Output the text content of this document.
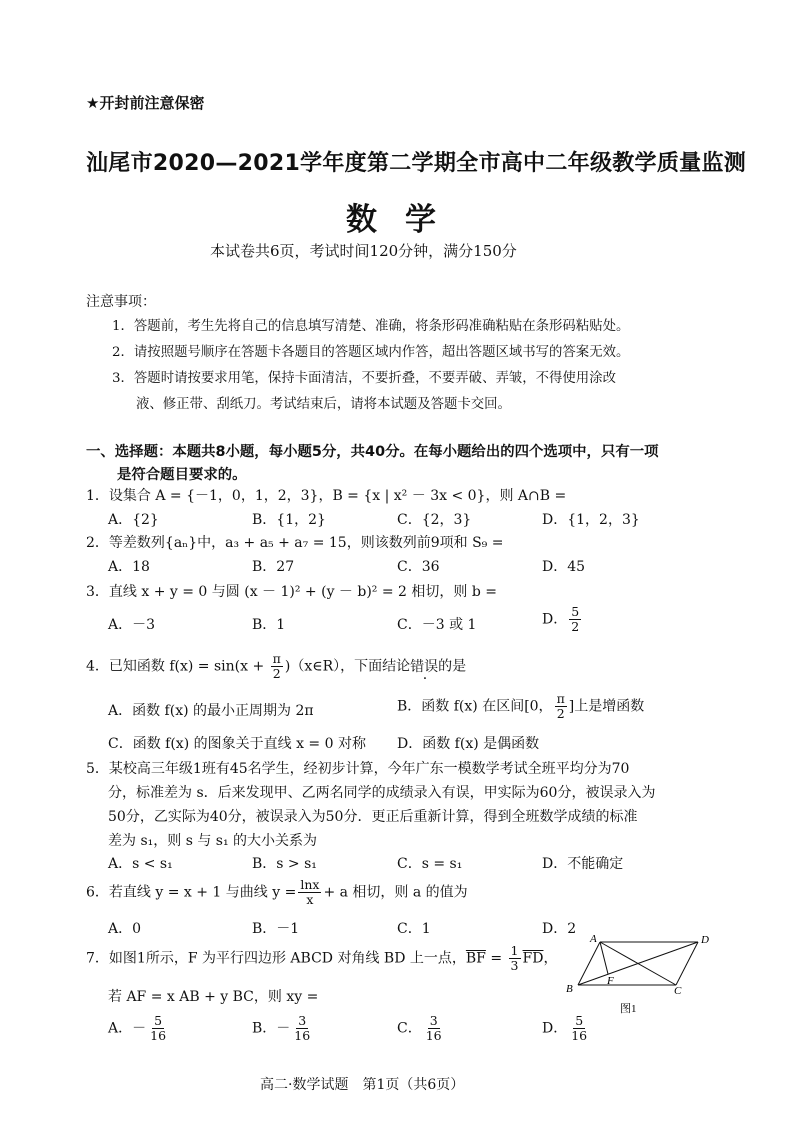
★开封前注意保密
汕尾市2020—2021学年度第二学期全市高中二年级教学质量监测
数学
本试卷共6页，考试时间120分钟，满分150分
注意事项：
1．答题前，考生先将自己的信息填写清楚、准确，将条形码准确粘贴在条形码粘贴处。
2．请按照题号顺序在答题卡各题目的答题区域内作答，超出答题区域书写的答案无效。
3．答题时请按要求用笔，保持卡面清洁，不要折叠，不要弄破、弄皱，不得使用涂改
液、修正带、刮纸刀。考试结束后，请将本试题及答题卡交回。
一、选择题：本题共8小题，每小题5分，共40分。在每小题给出的四个选项中，只有一项
是符合题目要求的。
1．设集合 A = {－1，0，1，2，3}，B = {x | x² － 3x < 0}，则 A∩B =
A．{2}	B．{1，2}	C．{2，3}	D．{1，2，3}
2．等差数列{aₙ}中，a₃ + a₅ + a₇ = 15，则该数列前9项和 S₉ =
A．18	B．27	C．36	D．45
3．直线 x + y = 0 与圆 (x － 1)² + (y － b)² = 2 相切，则 b =
A．－3	B．1	C．－3 或 1	D． $\frac{5}{2}$
4．已知函数 $f(x) = \sin(x + \frac{\pi}{2}$ )（x∈R），下面结论错误的是
A．函数 f(x) 的最小正周期为 2π	B．函数 f(x) 在区间[0， $\frac{\pi}{2}$ ]上是增函数
C．函数 f(x) 的图象关于直线 x = 0 对称 D．函数 f(x) 是偶函数
5．某校高三年级1班有45名学生，经初步计算，今年广东一模数学考试全班平均分为70
分，标准差为 s．后来发现甲、乙两名同学的成绩录入有误，甲实际为60分，被误录入为
50分，乙实际为40分，被误录入为50分．更正后重新计算，得到全班数学成绩的标准
差为 s₁，则 s 与 s₁ 的大小关系为
A．s < s₁	B．s > s₁	C．s = s₁	D．不能确定
6．若直线 y = x + 1 与曲线 $y = \frac{\ln x}{x} + a$ 相切，则 a 的值为
A．0	B．－1	C．1	D．2
7．如图1所示，F 为平行四边形 ABCD 对角线 BD 上一点，$\overline{BF} = \frac{1}{3} \overline{FD}$，
若 AF = x AB + y BC，则 xy =
A．－ $\frac{5}{16}$	B．－ $\frac{3}{16}$	C． $\frac{3}{16}$	D． $\frac{5}{16}$
A	D
B	C
F
图1
高二·数学试题　第1页（共6页）
